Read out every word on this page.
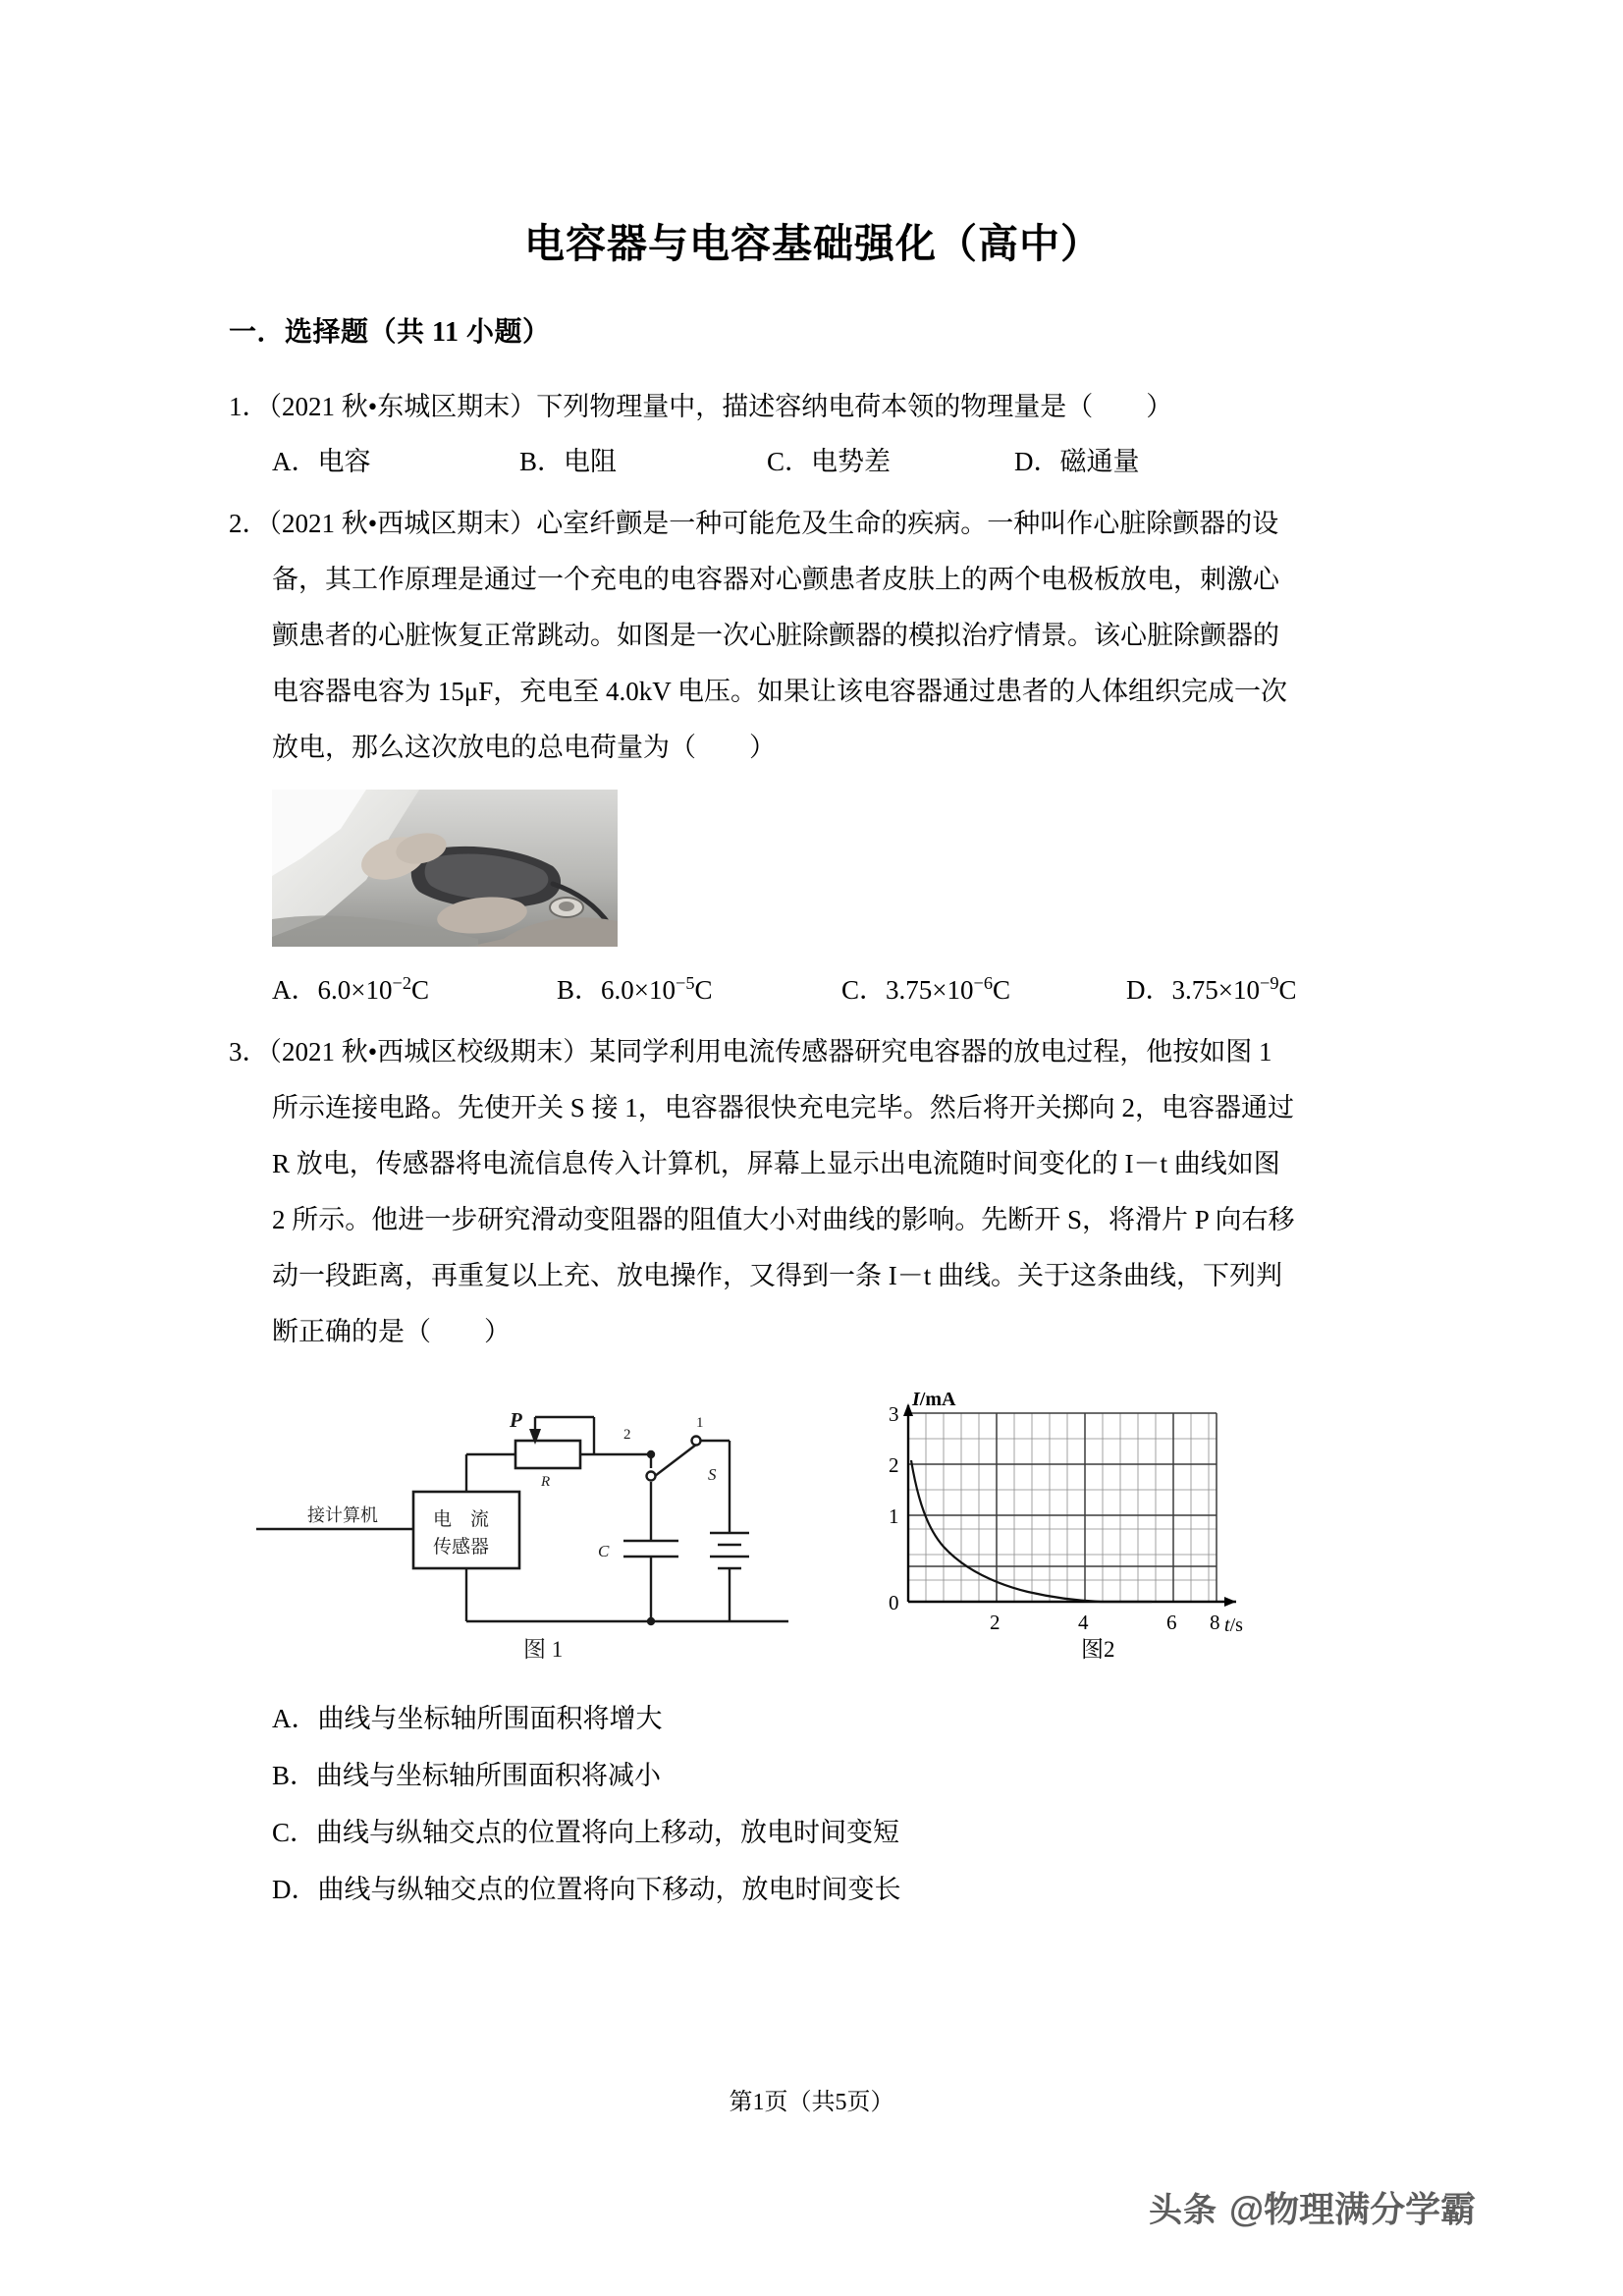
电容器与电容基础强化（高中）
一．选择题（共 11 小题）
1．（2021 秋•东城区期末）下列物理量中，描述容纳电荷本领的物理量是（　　）
A．电容	B．电阻	C．电势差	D．磁通量
2．（2021 秋•西城区期末）心室纤颤是一种可能危及生命的疾病。一种叫作心脏除颤器的设
备，其工作原理是通过一个充电的电容器对心颤患者皮肤上的两个电极板放电，刺激心
颤患者的心脏恢复正常跳动。如图是一次心脏除颤器的模拟治疗情景。该心脏除颤器的
电容器电容为 15μF，充电至 4.0kV 电压。如果让该电容器通过患者的人体组织完成一次
放电，那么这次放电的总电荷量为（　　）
A．$6.0\times 10^{-2}C$	B．$6.0\times 10^{-5}C$	C．$3.75\times 10^{-6}C$	D．$3.75\times 10^{-9}C$
3．（2021 秋•西城区校级期末）某同学利用电流传感器研究电容器的放电过程，他按如图 1
所示连接电路。先使开关 S 接 1，电容器很快充电完毕。然后将开关掷向 2，电容器通过
R 放电，传感器将电流信息传入计算机，屏幕上显示出电流随时间变化的 I－t 曲线如图
2 所示。他进一步研究滑动变阻器的阻值大小对曲线的影响。先断开 S，将滑片 P 向右移
动一段距离，再重复以上充、放电操作，又得到一条 I－t 曲线。关于这条曲线，下列判
断正确的是（　　）
接计算机	电　流
传感器
P
R
2
1
S
C
图 1
3
2
1
0
2	4	6 8
I/mA
t/s
图2
A．曲线与坐标轴所围面积将增大
B．曲线与坐标轴所围面积将减小
C．曲线与纵轴交点的位置将向上移动，放电时间变短
D．曲线与纵轴交点的位置将向下移动，放电时间变长
第1页（共5页）
头条 @物理满分学霸
